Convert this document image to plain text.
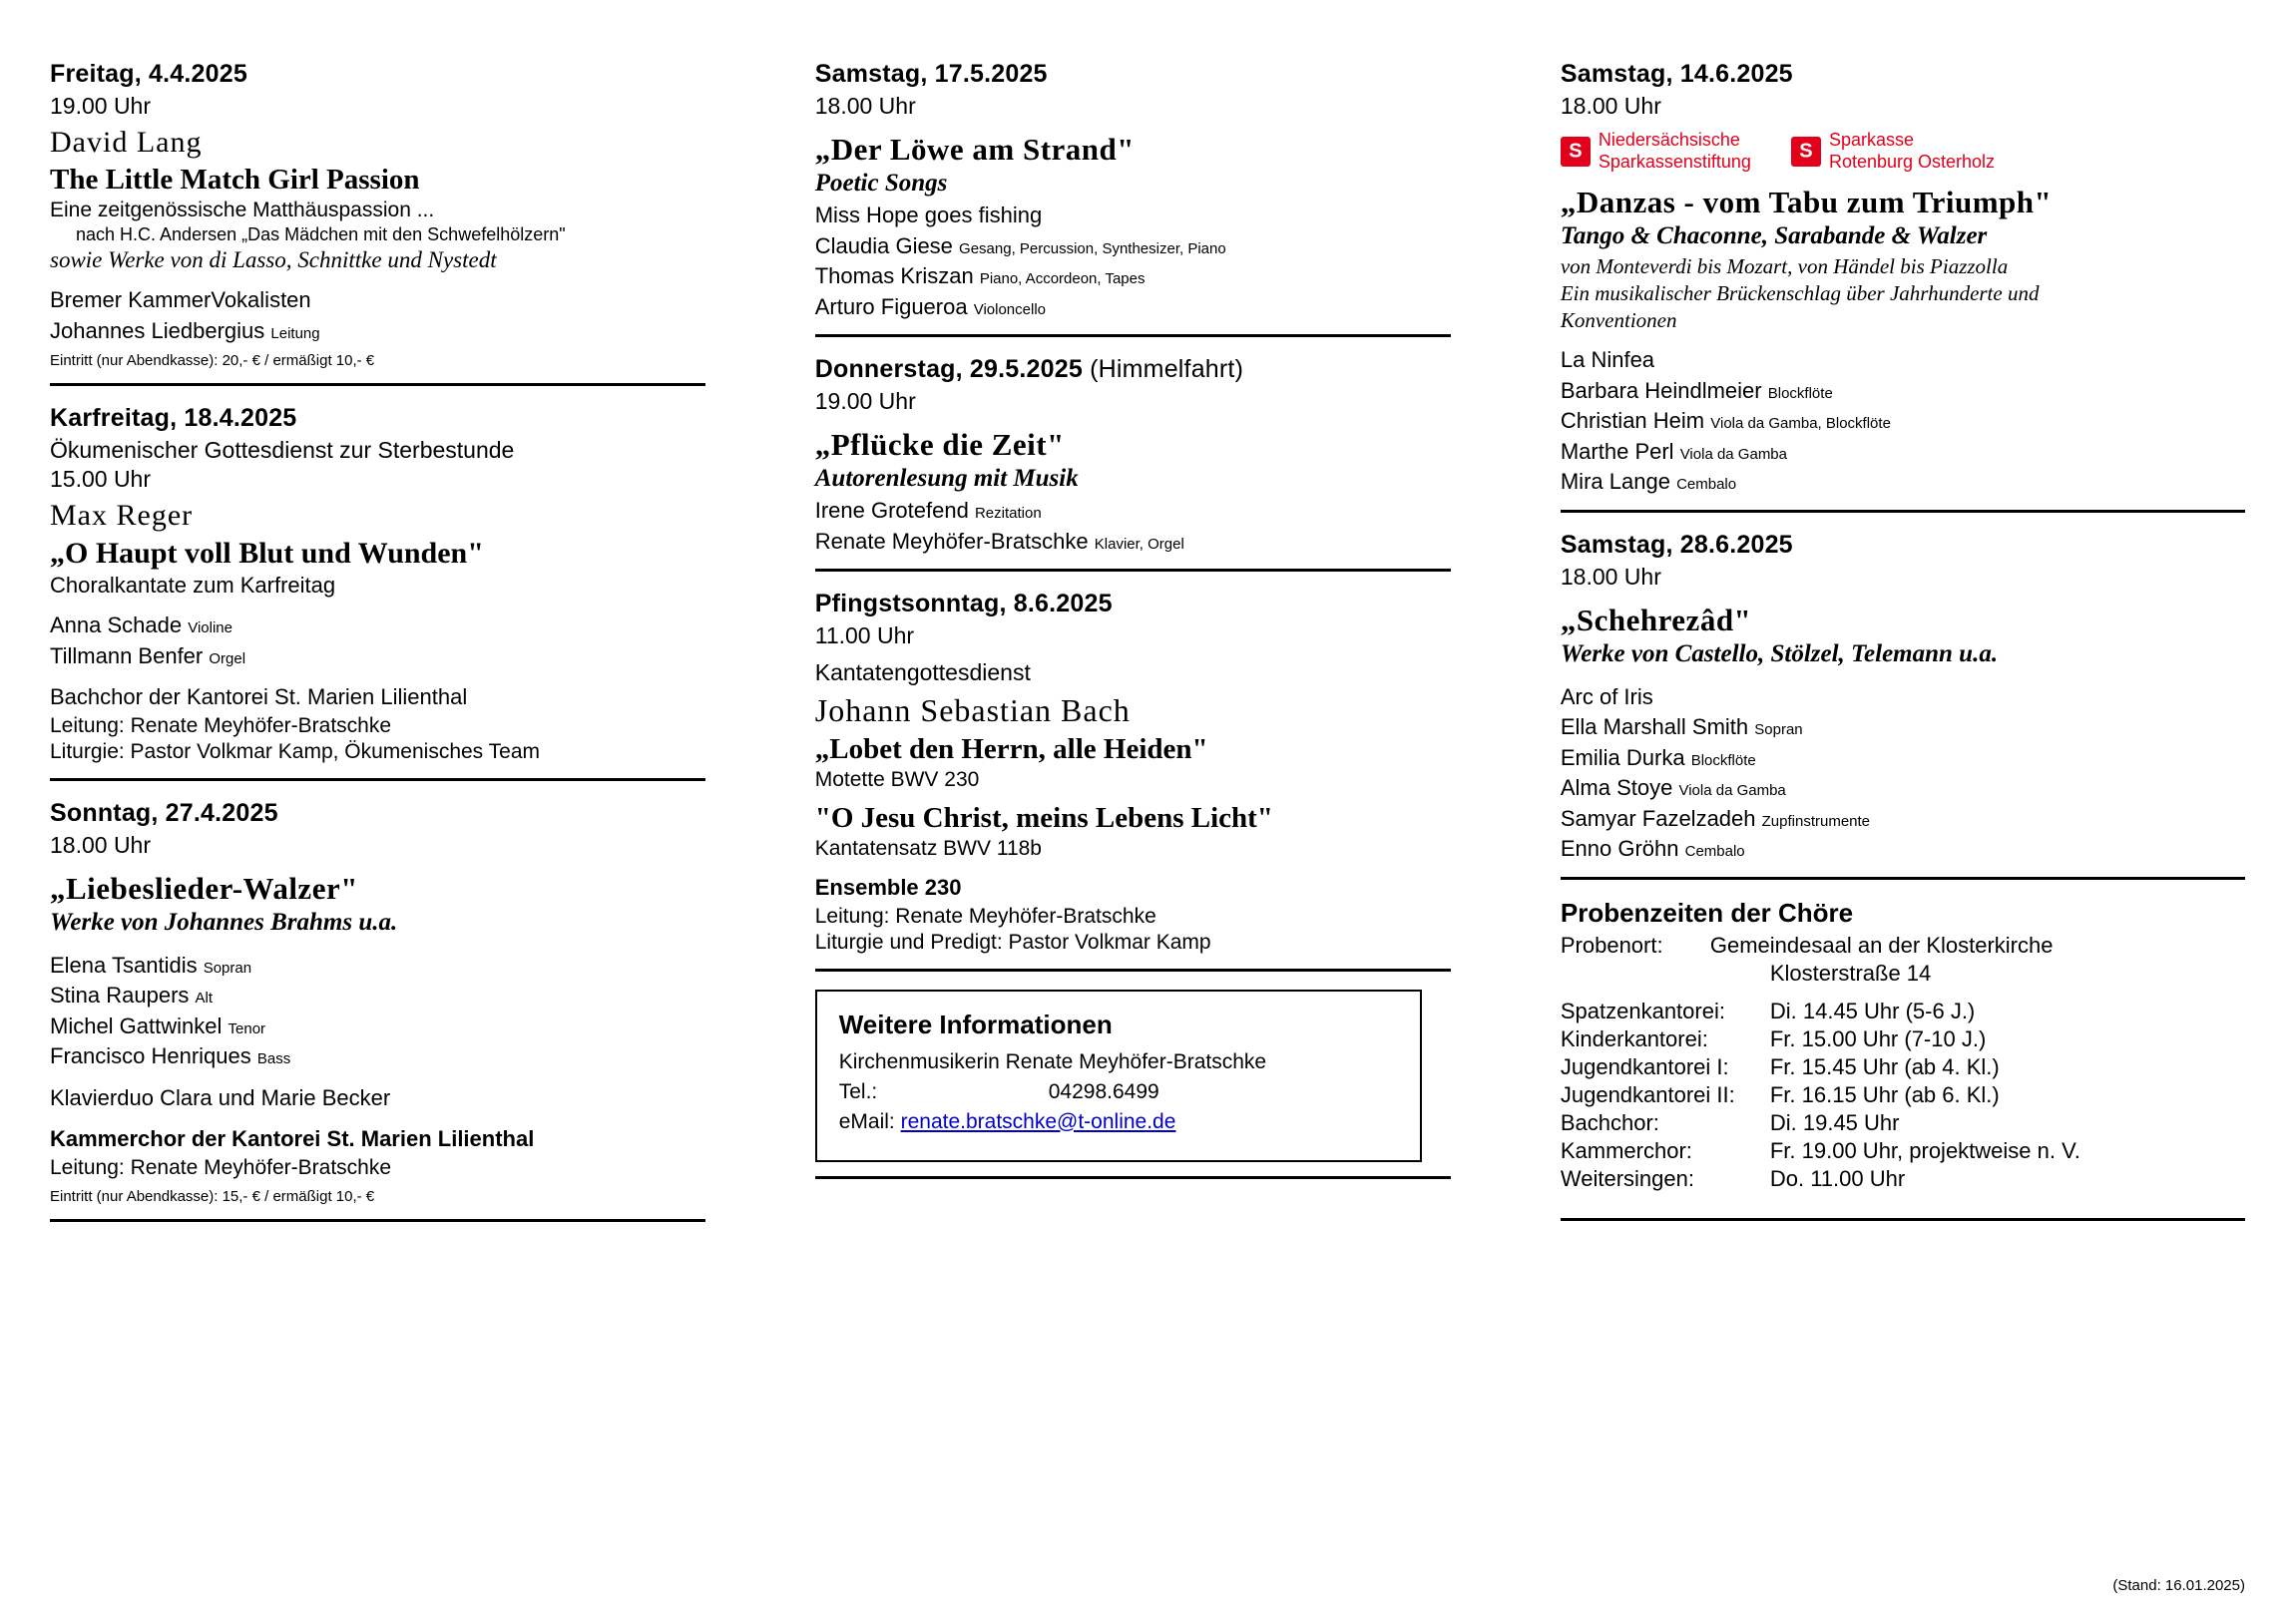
Freitag, 4.4.2025
19.00 Uhr
David Lang
The Little Match Girl Passion
Eine zeitgenössische Matthäuspassion ...
nach H.C. Andersen „Das Mädchen mit den Schwefelhölzern"
sowie Werke von di Lasso, Schnittke und Nystedt
Bremer KammerVokalisten
Johannes Liedbergius Leitung
Eintritt (nur Abendkasse): 20,- € / ermäßigt 10,- €
Karfreitag, 18.4.2025
Ökumenischer Gottesdienst zur Sterbestunde
15.00 Uhr
Max Reger
„O Haupt voll Blut und Wunden"
Choralkantate zum Karfreitag
Anna Schade Violine
Tillmann Benfer Orgel
Bachchor der Kantorei St. Marien Lilienthal
Leitung: Renate Meyhöfer-Bratschke
Liturgie: Pastor Volkmar Kamp, Ökumenisches Team
Sonntag, 27.4.2025
18.00 Uhr
„Liebeslieder-Walzer"
Werke von Johannes Brahms u.a.
Elena Tsantidis Sopran
Stina Raupers Alt
Michel Gattwinkel Tenor
Francisco Henriques Bass
Klavierduo Clara und Marie Becker
Kammerchor der Kantorei St. Marien Lilienthal
Leitung: Renate Meyhöfer-Bratschke
Eintritt (nur Abendkasse): 15,- € / ermäßigt 10,- €
Samstag, 17.5.2025
18.00 Uhr
„Der Löwe am Strand"
Poetic Songs
Miss Hope goes fishing
Claudia Giese Gesang, Percussion, Synthesizer, Piano
Thomas Kriszan Piano, Accordeon, Tapes
Arturo Figueroa Violoncello
Donnerstag, 29.5.2025 (Himmelfahrt)
19.00 Uhr
„Pflücke die Zeit"
Autorenlesung mit Musik
Irene Grotefend Rezitation
Renate Meyhöfer-Bratschke Klavier, Orgel
Pfingstsonntag, 8.6.2025
11.00 Uhr
Kantatengottesdienst
Johann Sebastian Bach
„Lobet den Herrn, alle Heiden"
Motette BWV 230
"O Jesu Christ, meins Lebens Licht"
Kantatensatz BWV 118b
Ensemble 230
Leitung: Renate Meyhöfer-Bratschke
Liturgie und Predigt: Pastor Volkmar Kamp
Weitere Informationen
Kirchenmusikerin Renate Meyhöfer-Bratschke
Tel.:	04298.6499
eMail: renate.bratschke@t-online.de
Samstag, 14.6.2025
18.00 Uhr
S
Niedersächsische
Sparkassenstiftung
S
Sparkasse
Rotenburg Osterholz
„Danzas - vom Tabu zum Triumph"
Tango & Chaconne, Sarabande & Walzer
von Monteverdi bis Mozart, von Händel bis Piazzolla
Ein musikalischer Brückenschlag über Jahrhunderte und
Konventionen
La Ninfea
Barbara Heindlmeier Blockflöte
Christian Heim Viola da Gamba, Blockflöte
Marthe Perl Viola da Gamba
Mira Lange Cembalo
Samstag, 28.6.2025
18.00 Uhr
„Schehrezâd"
Werke von Castello, Stölzel, Telemann u.a.
Arc of Iris
Ella Marshall Smith Sopran
Emilia Durka Blockflöte
Alma Stoye Viola da Gamba
Samyar Fazelzadeh Zupfinstrumente
Enno Gröhn Cembalo
Probenzeiten der Chöre
Probenort: Gemeindesaal an der Klosterkirche
Klosterstraße 14
Spatzenkantorei: Di. 14.45 Uhr (5-6 J.)
Kinderkantorei:	Fr. 15.00 Uhr (7-10 J.)
Jugendkantorei I: Fr. 15.45 Uhr (ab 4. Kl.)
Jugendkantorei II: Fr. 16.15 Uhr (ab 6. Kl.)
Bachchor:	Di. 19.45 Uhr
Kammerchor:	Fr. 19.00 Uhr, projektweise n. V.
Weitersingen:	Do. 11.00 Uhr
(Stand: 16.01.2025)
